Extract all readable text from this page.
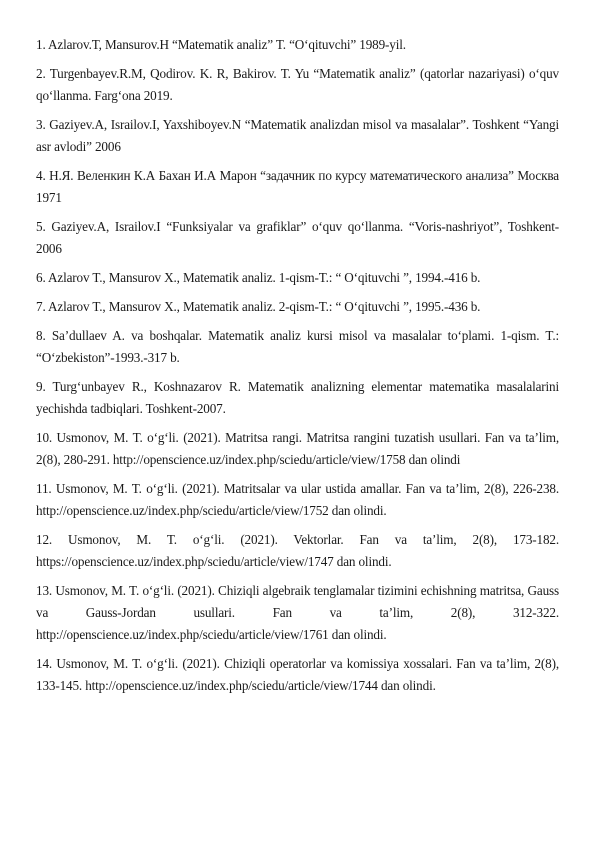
1. Azlarov.T, Mansurov.H “Matematik analiz” T. “O‘qituvchi” 1989-yil.

2. Turgenbayev.R.M, Qodirov. K. R, Bakirov. T. Yu “Matematik analiz” (qatorlar nazariyasi) o‘quv qo‘llanma. Farg‘ona 2019.

3. Gaziyev.A, Israilov.I, Yaxshiboyev.N “Matematik analizdan misol va masalalar”. Toshkent “Yangi asr avlodi” 2006

4. Н.Я. Веленкин К.А Бахан И.А Марон “задачник по курсу математического анализа” Москва 1971

5. Gaziyev.A, Israilov.I “Funksiyalar va grafiklar” o‘quv qo‘llanma. “Voris-nashriyot”, Toshkent-2006

6. Azlarov T., Mansurov X., Matematik analiz. 1-qism-T.: “ O‘qituvchi ”, 1994.-416 b.

7. Azlarov T., Mansurov X., Matematik analiz. 2-qism-T.: “ O‘qituvchi ”, 1995.-436 b.

8. Sa’dullaev A. va boshqalar. Matematik analiz kursi misol va masalalar to‘plami. 1-qism. T.: “O‘zbekiston”-1993.-317 b.

9. Turg‘unbayev R., Koshnazarov R. Matematik analizning elementar matematika masalalarini yechishda tadbiqlari. Toshkent-2007.

10. Usmonov, M. T. o‘g‘li. (2021). Matritsa rangi. Matritsa rangini tuzatish usullari. Fan va ta’lim, 2(8), 280-291. http://openscience.uz/index.php/sciedu/article/view/1758 dan olindi

11. Usmonov, M. T. o‘g‘li. (2021). Matritsalar va ular ustida amallar. Fan va ta’lim, 2(8), 226-238. http://openscience.uz/index.php/sciedu/article/view/1752 dan olindi.

12. Usmonov, M. T. o‘g‘li. (2021). Vektorlar. Fan va ta’lim, 2(8), 173-182. https://openscience.uz/index.php/sciedu/article/view/1747 dan olindi.

13. Usmonov, M. T. o‘g‘li. (2021). Chiziqli algebraik tenglamalar tizimini echishning matritsa, Gauss va Gauss-Jordan usullari. Fan va ta’lim, 2(8), 312-322. http://openscience.uz/index.php/sciedu/article/view/1761 dan olindi.

14. Usmonov, M. T. o‘g‘li. (2021). Chiziqli operatorlar va komissiya xossalari. Fan va ta’lim, 2(8), 133-145. http://openscience.uz/index.php/sciedu/article/view/1744 dan olindi.
